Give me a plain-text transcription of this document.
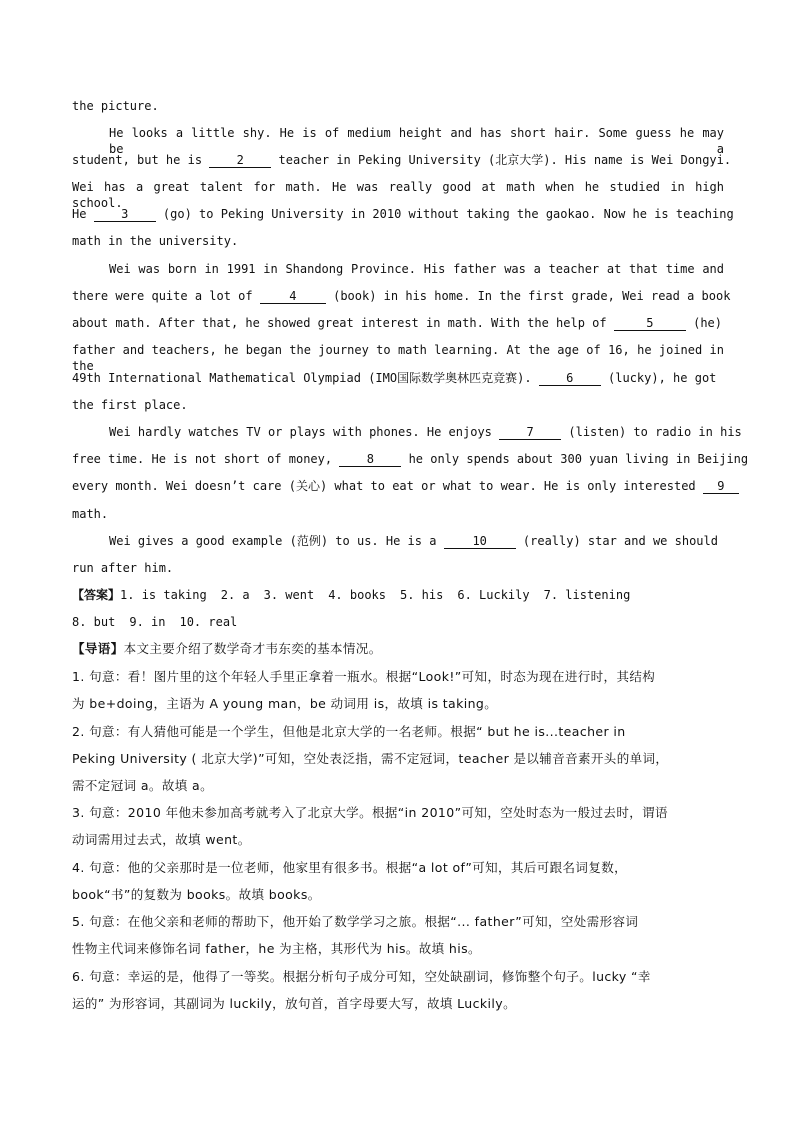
the picture.
He looks a little shy. He is of medium height and has short hair. Some guess he may be a
student, but he is	2	teacher in Peking University (北京大学). His name is Wei Dongyi.
Wei has a great talent for math. He was really good at math when he studied in high school.
He	3	(go) to Peking University in 2010 without taking the gaokao. Now he is teaching
math in the university.
Wei was born in 1991 in Shandong Province. His father was a teacher at that time and
there were quite a lot of	4	(book) in his home. In the first grade, Wei read a book
about math. After that, he showed great interest in math. With the help of	5	(he)
father and teachers, he began the journey to math learning. At the age of 16, he joined in the
49th International Mathematical Olympiad (IMO国际数学奥林匹克竞赛).	6	(lucky), he got
the first place.
Wei hardly watches TV or plays with phones. He enjoys	7	(listen) to radio in his
free time. He is not short of money,	8	he only spends about 300 yuan living in Beijing
every month. Wei doesn’t care (关心) what to eat or what to wear. He is only interested 9
math.
Wei gives a good example (范例) to us. He is a	10	(really) star and we should
run after him.
【答案】1. is taking 2. a 3. went 4. books 5. his 6. Luckily 7. listening
8. but 9. in 10. real
【导语】本文主要介绍了数学奇才韦东奕的基本情况。
1. 句意：看！图片里的这个年轻人手里正拿着一瓶水。根据“Look!”可知，时态为现在进行时，其结构
为 be+doing，主语为 A young man，be 动词用 is，故填 is taking。
2. 句意：有人猜他可能是一个学生，但他是北京大学的一名老师。根据“ but he is...teacher in
Peking University ( 北京大学)”可知，空处表泛指，需不定冠词，teacher 是以辅音音素开头的单词，
需不定冠词 a。故填 a。
3. 句意：2010 年他未参加高考就考入了北京大学。根据“in 2010”可知，空处时态为一般过去时，谓语
动词需用过去式，故填 went。
4. 句意：他的父亲那时是一位老师，他家里有很多书。根据“a lot of”可知，其后可跟名词复数，
book“书”的复数为 books。故填 books。
5. 句意：在他父亲和老师的帮助下，他开始了数学学习之旅。根据“... father”可知，空处需形容词
性物主代词来修饰名词 father，he 为主格，其形代为 his。故填 his。
6. 句意：幸运的是，他得了一等奖。根据分析句子成分可知，空处缺副词，修饰整个句子。lucky “幸
运的” 为形容词，其副词为 luckily，放句首，首字母要大写，故填 Luckily。
